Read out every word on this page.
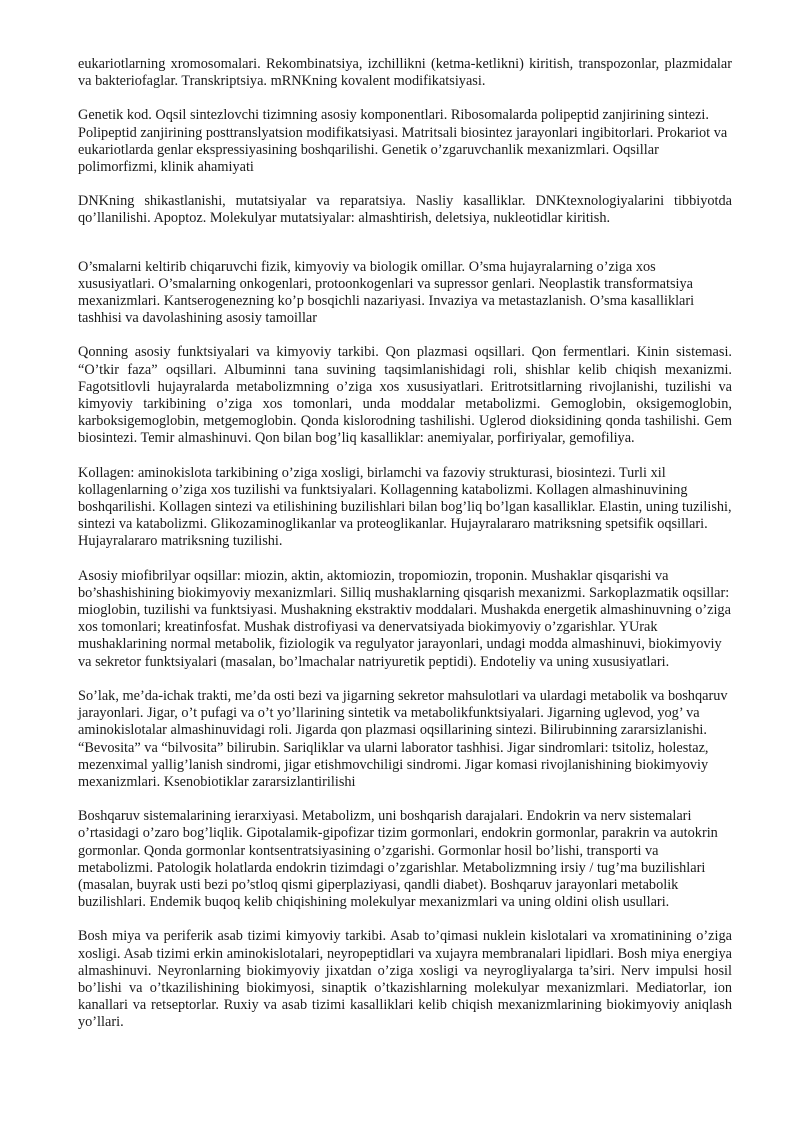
eukariotlarning xromosomalari. Rekombinatsiya, izchillikni (ketma-ketlikni) kiritish, transpozonlar, plazmidalar va bakteriofaglar. Transkriptsiya. mRNKning kovalent modifikatsiyasi.

Genetik kod. Oqsil sintezlovchi tizimning asosiy komponentlari. Ribosomalarda polipeptid zanjirining sintezi. Polipeptid zanjirining posttranslyatsion modifikatsiyasi. Matritsali biosintez jarayonlari ingibitorlari. Prokariot va eukariotlarda genlar ekspressiyasining boshqarilishi. Genetik o’zgaruvchanlik mexanizmlari. Oqsillar polimorfizmi, klinik ahamiyati

DNKning shikastlanishi, mutatsiyalar va reparatsiya. Nasliy kasalliklar. DNKtexnologiyalarini tibbiyotda qo’llanilishi. Apoptoz. Molekulyar mutatsiyalar: almashtirish, deletsiya, nukleotidlar kiritish.

O’smalarni keltirib chiqaruvchi fizik, kimyoviy va biologik omillar. O’sma hujayralarning o’ziga xos xususiyatlari. O’smalarning onkogenlari, protoonkogenlari va supressor genlari. Neoplastik transformatsiya mexanizmlari. Kantserogenezning ko’p bosqichli nazariyasi. Invaziya va metastazlanish. O’sma kasalliklari tashhisi va davolashining asosiy tamoillar

Qonning asosiy funktsiyalari va kimyoviy tarkibi. Qon plazmasi oqsillari. Qon fermentlari. Kinin sistemasi. “O’tkir faza” oqsillari. Albuminni tana suvining taqsimlanishidagi roli, shishlar kelib chiqish mexanizmi. Fagotsitlovli hujayralarda metabolizmning o’ziga xos xususiyatlari. Eritrotsitlarning rivojlanishi, tuzilishi va kimyoviy tarkibining o’ziga xos tomonlari, unda moddalar metabolizmi. Gemoglobin, oksigemoglobin, karboksigemoglobin, metgemoglobin. Qonda kislorodning tashilishi. Uglerod dioksidining qonda tashilishi. Gem biosintezi. Temir almashinuvi. Qon bilan bog’liq kasalliklar: anemiyalar, porfiriyalar, gemofiliya.

Kollagen: aminokislota tarkibining o’ziga xosligi, birlamchi va fazoviy strukturasi, biosintezi. Turli xil kollagenlarning o’ziga xos tuzilishi va funktsiyalari. Kollagenning katabolizmi. Kollagen almashinuvining boshqarilishi. Kollagen sintezi va etilishining buzilishlari bilan bog’liq bo’lgan kasalliklar. Elastin, uning tuzilishi, sintezi va katabolizmi. Glikozaminoglikanlar va proteoglikanlar. Hujayralararo matriksning spetsifik oqsillari. Hujayralararo matriksning tuzilishi.

Asosiy miofibrilyar oqsillar: miozin, aktin, aktomiozin, tropomiozin, troponin. Mushaklar qisqarishi va bo’shashishining biokimyoviy mexanizmlari. Silliq mushaklarning qisqarish mexanizmi. Sarkoplazmatik oqsillar: mioglobin, tuzilishi va funktsiyasi. Mushakning ekstraktiv moddalari. Mushakda energetik almashinuvning o’ziga xos tomonlari; kreatinfosfat. Mushak distrofiyasi va denervatsiyada biokimyoviy o’zgarishlar. YUrak mushaklarining normal metabolik, fiziologik va regulyator jarayonlari, undagi modda almashinuvi, biokimyoviy va sekretor funktsiyalari (masalan, bo’lmachalar natriyuretik peptidi). Endoteliy va uning xususiyatlari.

So’lak, me’da-ichak trakti, me’da osti bezi va jigarning sekretor mahsulotlari va ulardagi metabolik va boshqaruv jarayonlari. Jigar, o’t pufagi va o’t yo’llarining sintetik va metabolikfunktsiyalari. Jigarning uglevod, yog’ va aminokislotalar almashinuvidagi roli. Jigarda qon plazmasi oqsillarining sintezi. Bilirubinning zararsizlanishi. “Bevosita” va “bilvosita” bilirubin. Sariqliklar va ularni laborator tashhisi. Jigar sindromlari: tsitoliz, holestaz, mezenximal yallig’lanish sindromi, jigar etishmovchiligi sindromi. Jigar komasi rivojlanishining biokimyoviy mexanizmlari. Ksenobiotiklar zararsizlantirilishi

Boshqaruv sistemalarining ierarxiyasi. Metabolizm, uni boshqarish darajalari. Endokrin va nerv sistemalari o’rtasidagi o’zaro bog’liqlik. Gipotalamik-gipofizar tizim gormonlari, endokrin gormonlar, parakrin va autokrin gormonlar. Qonda gormonlar kontsentratsiyasining o’zgarishi. Gormonlar hosil bo’lishi, transporti va metabolizmi. Patologik holatlarda endokrin tizimdagi o’zgarishlar. Metabolizmning irsiy / tug’ma buzilishlari (masalan, buyrak usti bezi po’stloq qismi giperplaziyasi, qandli diabet). Boshqaruv jarayonlari metabolik buzilishlari. Endemik buqoq kelib chiqishining molekulyar mexanizmlari va uning oldini olish usullari.

Bosh miya va periferik asab tizimi kimyoviy tarkibi. Asab to’qimasi nuklein kislotalari va xromatinining o’ziga xosligi. Asab tizimi erkin aminokislotalari, neyropeptidlari va xujayra membranalari lipidlari. Bosh miya energiya almashinuvi. Neyronlarning biokimyoviy jixatdan o’ziga xosligi va neyrogliyalarga ta’siri. Nerv impulsi hosil bo’lishi va o’tkazilishining biokimyosi, sinaptik o’tkazishlarning molekulyar mexanizmlari. Mediatorlar, ion kanallari va retseptorlar. Ruxiy va asab tizimi kasalliklari kelib chiqish mexanizmlarining biokimyoviy aniqlash yo’llari.
